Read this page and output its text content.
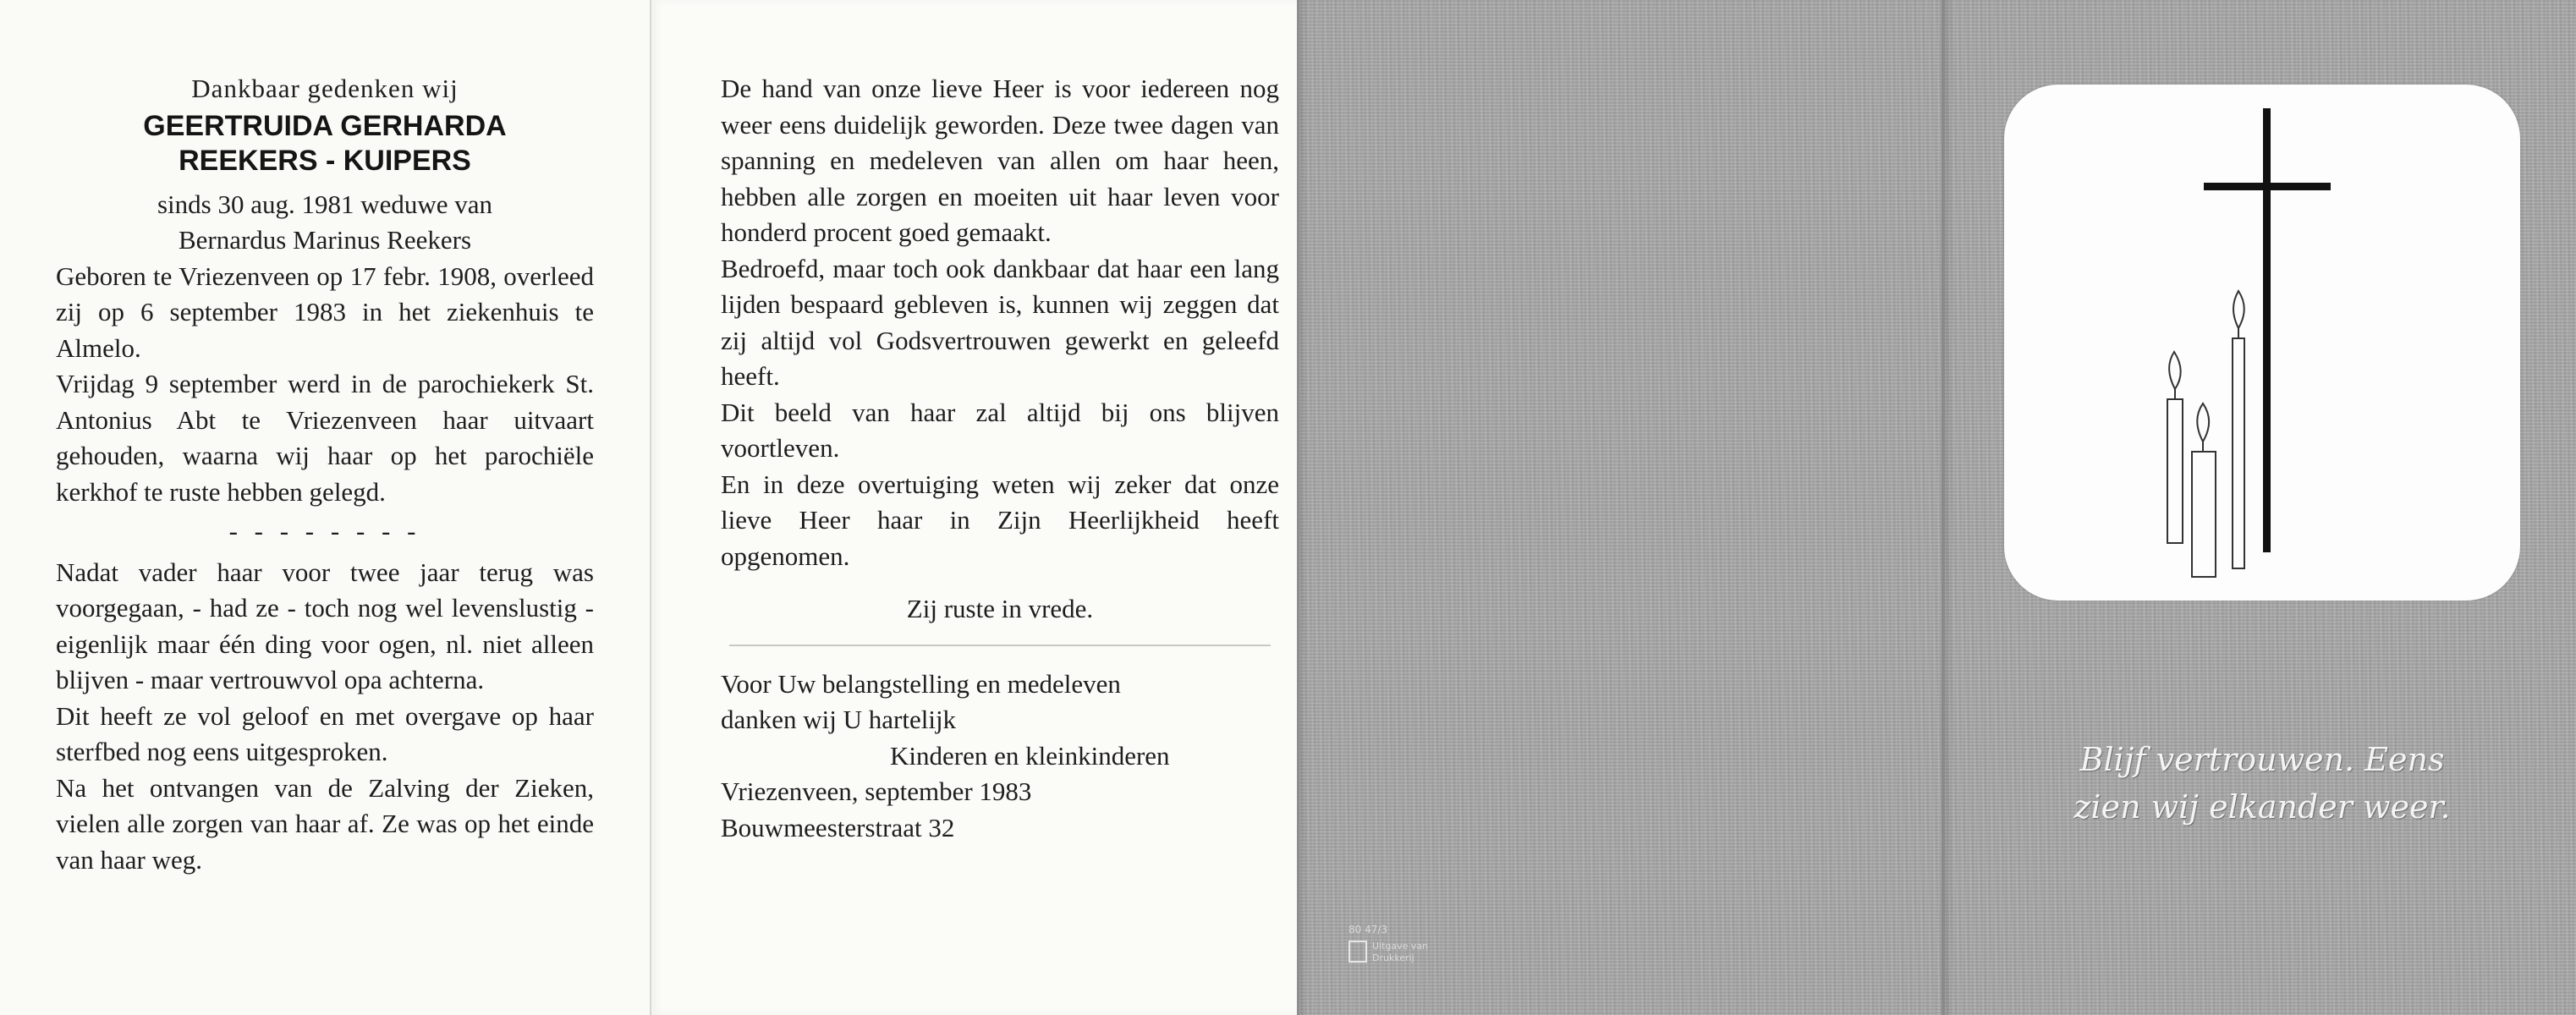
Dankbaar gedenken wij

GEERTRUIDA GERHARDA
REEKERS - KUIPERS

sinds 30 aug. 1981 weduwe van

Bernardus Marinus Reekers

Geboren te Vriezenveen op 17 febr. 1908, overleed zij op 6 september 1983 in het ziekenhuis te Almelo.

Vrijdag 9 september werd in de parochiekerk St. Antonius Abt te Vriezenveen haar uitvaart gehouden, waarna wij haar op het parochiële kerkhof te ruste hebben gelegd.

- - - - - - - -

Nadat vader haar voor twee jaar terug was voorgegaan, - had ze - toch nog wel levenslustig - eigenlijk maar één ding voor ogen, nl. niet alleen blijven - maar vertrouwvol opa achterna.

Dit heeft ze vol geloof en met overgave op haar sterfbed nog eens uitgesproken.

Na het ontvangen van de Zalving der Zieken, vielen alle zorgen van haar af. Ze was op het einde van haar weg.

De hand van onze lieve Heer is voor iedereen nog weer eens duidelijk geworden. Deze twee dagen van spanning en medeleven van allen om haar heen, hebben alle zorgen en moeiten uit haar leven voor honderd procent goed gemaakt.

Bedroefd, maar toch ook dankbaar dat haar een lang lijden bespaard gebleven is, kunnen wij zeggen dat zij altijd vol Godsvertrouwen gewerkt en geleefd heeft.

Dit beeld van haar zal altijd bij ons blijven voortleven.

En in deze overtuiging weten wij zeker dat onze lieve Heer haar in Zijn Heerlijkheid heeft opgenomen.

Zij ruste in vrede.

Voor Uw belangstelling en medeleven

danken wij U hartelijk

Kinderen en kleinkinderen

Vriezenveen, september 1983

Bouwmeesterstraat 32

80 47/3
Uitgave van
Drukkerij
Blijf vertrouwen. Eens
zien wij elkander weer.
